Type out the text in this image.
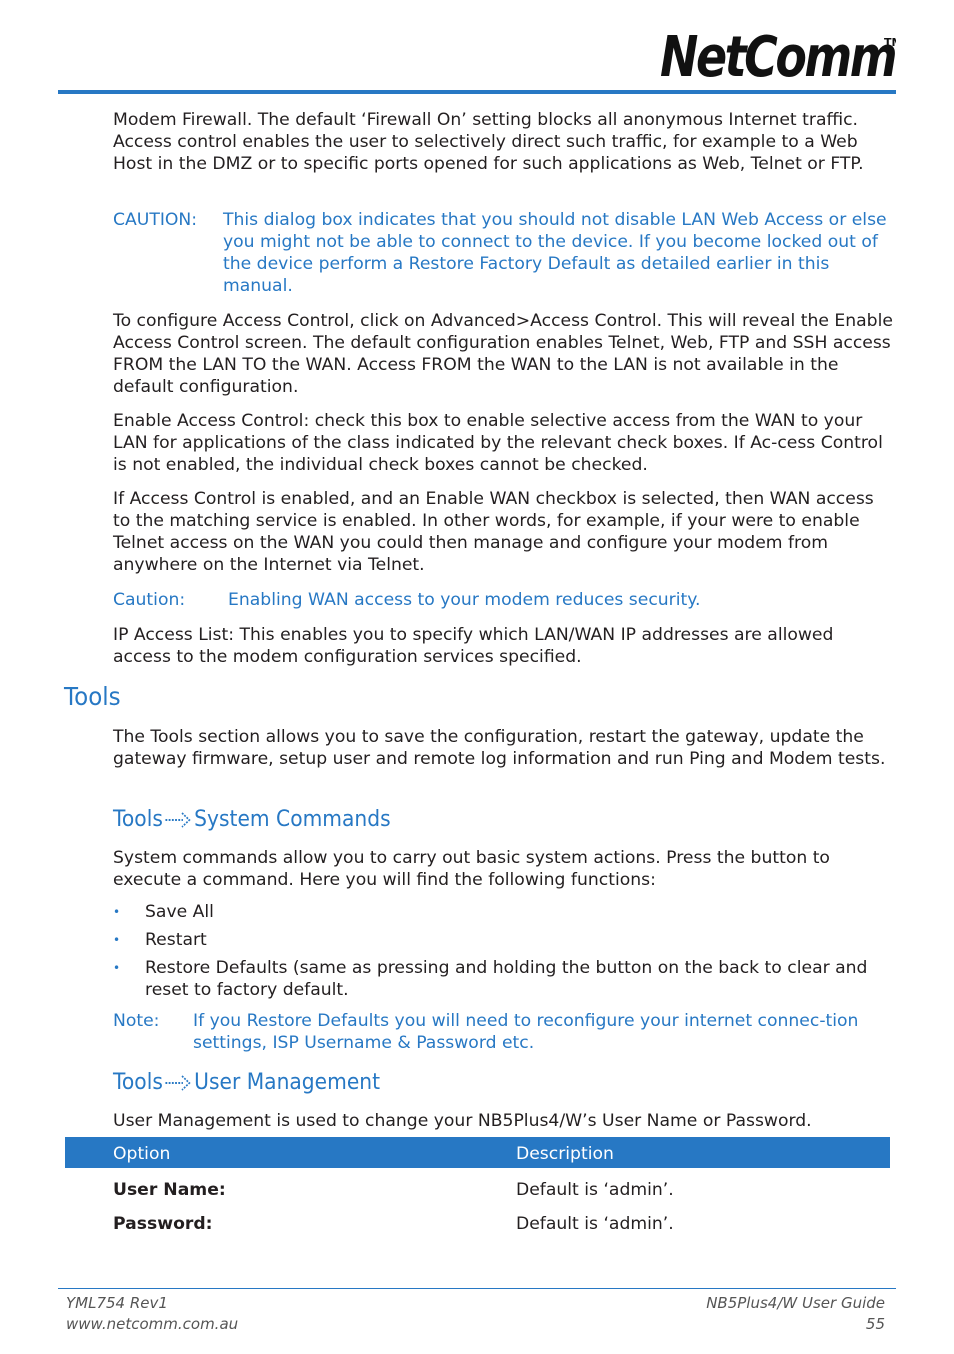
NetComm
T

Modem Firewall. The default ‘Firewall On’ setting blocks all anonymous Internet traffic. Access control enables the user to selectively direct such traffic, for example to a Web Host in the DMZ or to specific ports opened for such applications as Web, Telnet or FTP.

CAUTION: This dialog box indicates that you should not disable LAN Web Access or else you might not be able to connect to the device. If you become locked out of the device perform a Restore Factory Default as detailed earlier in this manual.

To configure Access Control, click on Advanced>Access Control. This will reveal the Enable Access Control screen. The default configuration enables Telnet, Web, FTP and SSH access FROM the LAN TO the WAN. Access FROM the WAN to the LAN is not available in the default configuration.

Enable Access Control: check this box to enable selective access from the WAN to your LAN for applications of the class indicated by the relevant check boxes. If Ac-cess Control is not enabled, the individual check boxes cannot be checked.

If Access Control is enabled, and an Enable WAN checkbox is selected, then WAN access to the matching service is enabled. In other words, for example, if your were to enable Telnet access on the WAN you could then manage and configure your modem from anywhere on the Internet via Telnet.

Caution: Enabling WAN access to your modem reduces security.

IP Access List: This enables you to specify which LAN/WAN IP addresses are allowed access to the modem configuration services specified.

Tools

The Tools section allows you to save the configuration, restart the gateway, update the gateway firmware, setup user and remote log information and run Ping and Modem tests.

Tools System Commands

System commands allow you to carry out basic system actions. Press the button to execute a command. Here you will find the following functions:

• Save All
• Restart
• Restore Defaults (same as pressing and holding the button on the back to clear and reset to factory default.
Note: If you Restore Defaults you will need to reconfigure your internet connec-tion settings, ISP Username & Password etc.
Tools User Management

User Management is used to change your NB5Plus4/W’s User Name or Password.

Option	Description
User Name:	Default is ‘admin’.
Password:	Default is ‘admin’.
YML754 Rev1
www.netcomm.com.au
NB5Plus4/W User Guide
55
